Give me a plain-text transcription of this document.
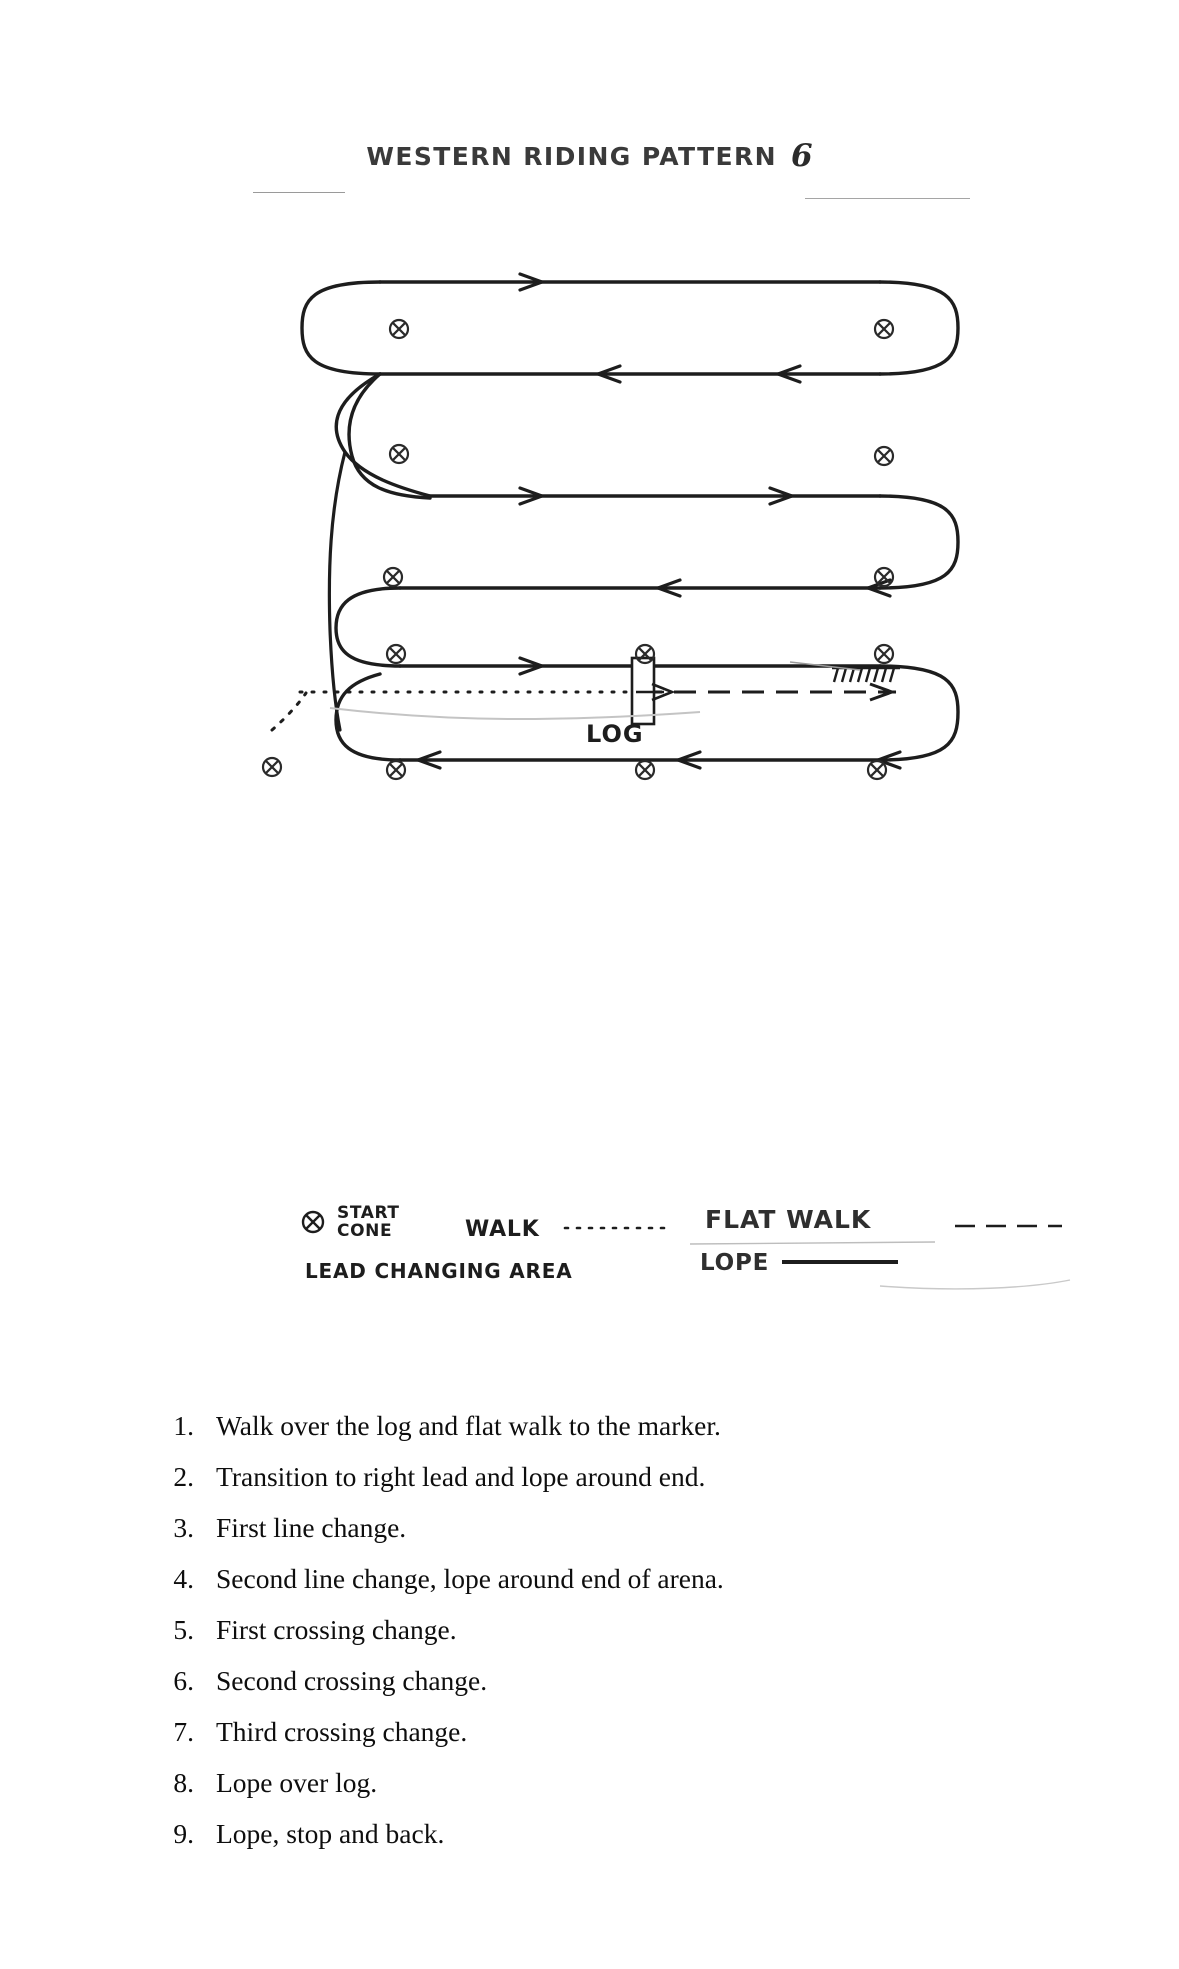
WESTERN RIDING PATTERN 6
LOG
START
CONE
LEAD CHANGING AREA
WALK	FLAT WALK
LOPE
1. Walk over the log and flat walk to the marker.
2. Transition to right lead and lope around end.
3. First line change.
4. Second line change, lope around end of arena.
5. First crossing change.
6. Second crossing change.
7. Third crossing change.
8. Lope over log.
9. Lope, stop and back.
